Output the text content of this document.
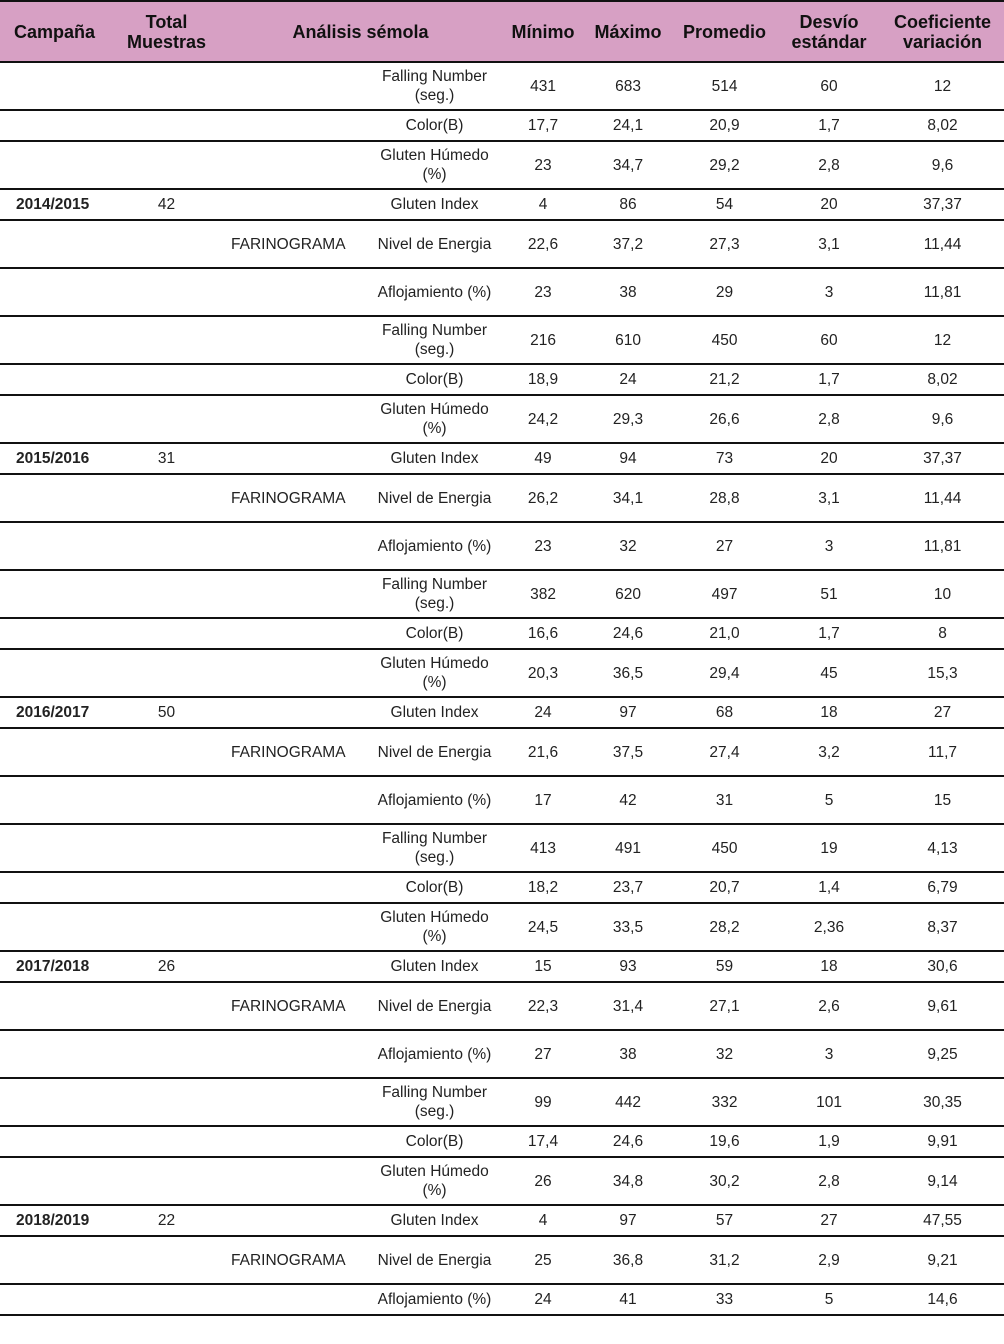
Campaña	Total Muestras	Análisis sémola		Mínimo	Máximo	Promedio	Desvío estándar	Coeficiente variación
			Falling Number (seg.)	431	683	514	60	12
			Color(B)	17,7	24,1	20,9	1,7	8,02
			Gluten Húmedo (%)	23	34,7	29,2	2,8	9,6
2014/2015	42		Gluten Index	4	86	54	20	37,37
		FARINOGRAMA	Nivel de Energia	22,6	37,2	27,3	3,1	11,44
			Aflojamiento (%)	23	38	29	3	11,81
			Falling Number (seg.)	216	610	450	60	12
			Color(B)	18,9	24	21,2	1,7	8,02
			Gluten Húmedo (%)	24,2	29,3	26,6	2,8	9,6
2015/2016	31		Gluten Index	49	94	73	20	37,37
		FARINOGRAMA	Nivel de Energia	26,2	34,1	28,8	3,1	11,44
			Aflojamiento (%)	23	32	27	3	11,81
			Falling Number (seg.)	382	620	497	51	10
			Color(B)	16,6	24,6	21,0	1,7	8
			Gluten Húmedo (%)	20,3	36,5	29,4	45	15,3
2016/2017	50		Gluten Index	24	97	68	18	27
		FARINOGRAMA	Nivel de Energia	21,6	37,5	27,4	3,2	11,7
			Aflojamiento (%)	17	42	31	5	15
			Falling Number (seg.)	413	491	450	19	4,13
			Color(B)	18,2	23,7	20,7	1,4	6,79
			Gluten Húmedo (%)	24,5	33,5	28,2	2,36	8,37
2017/2018	26		Gluten Index	15	93	59	18	30,6
		FARINOGRAMA	Nivel de Energia	22,3	31,4	27,1	2,6	9,61
			Aflojamiento (%)	27	38	32	3	9,25
			Falling Number (seg.)	99	442	332	101	30,35
			Color(B)	17,4	24,6	19,6	1,9	9,91
			Gluten Húmedo (%)	26	34,8	30,2	2,8	9,14
2018/2019	22		Gluten Index	4	97	57	27	47,55
		FARINOGRAMA	Nivel de Energia	25	36,8	31,2	2,9	9,21
			Aflojamiento (%)	24	41	33	5	14,6
